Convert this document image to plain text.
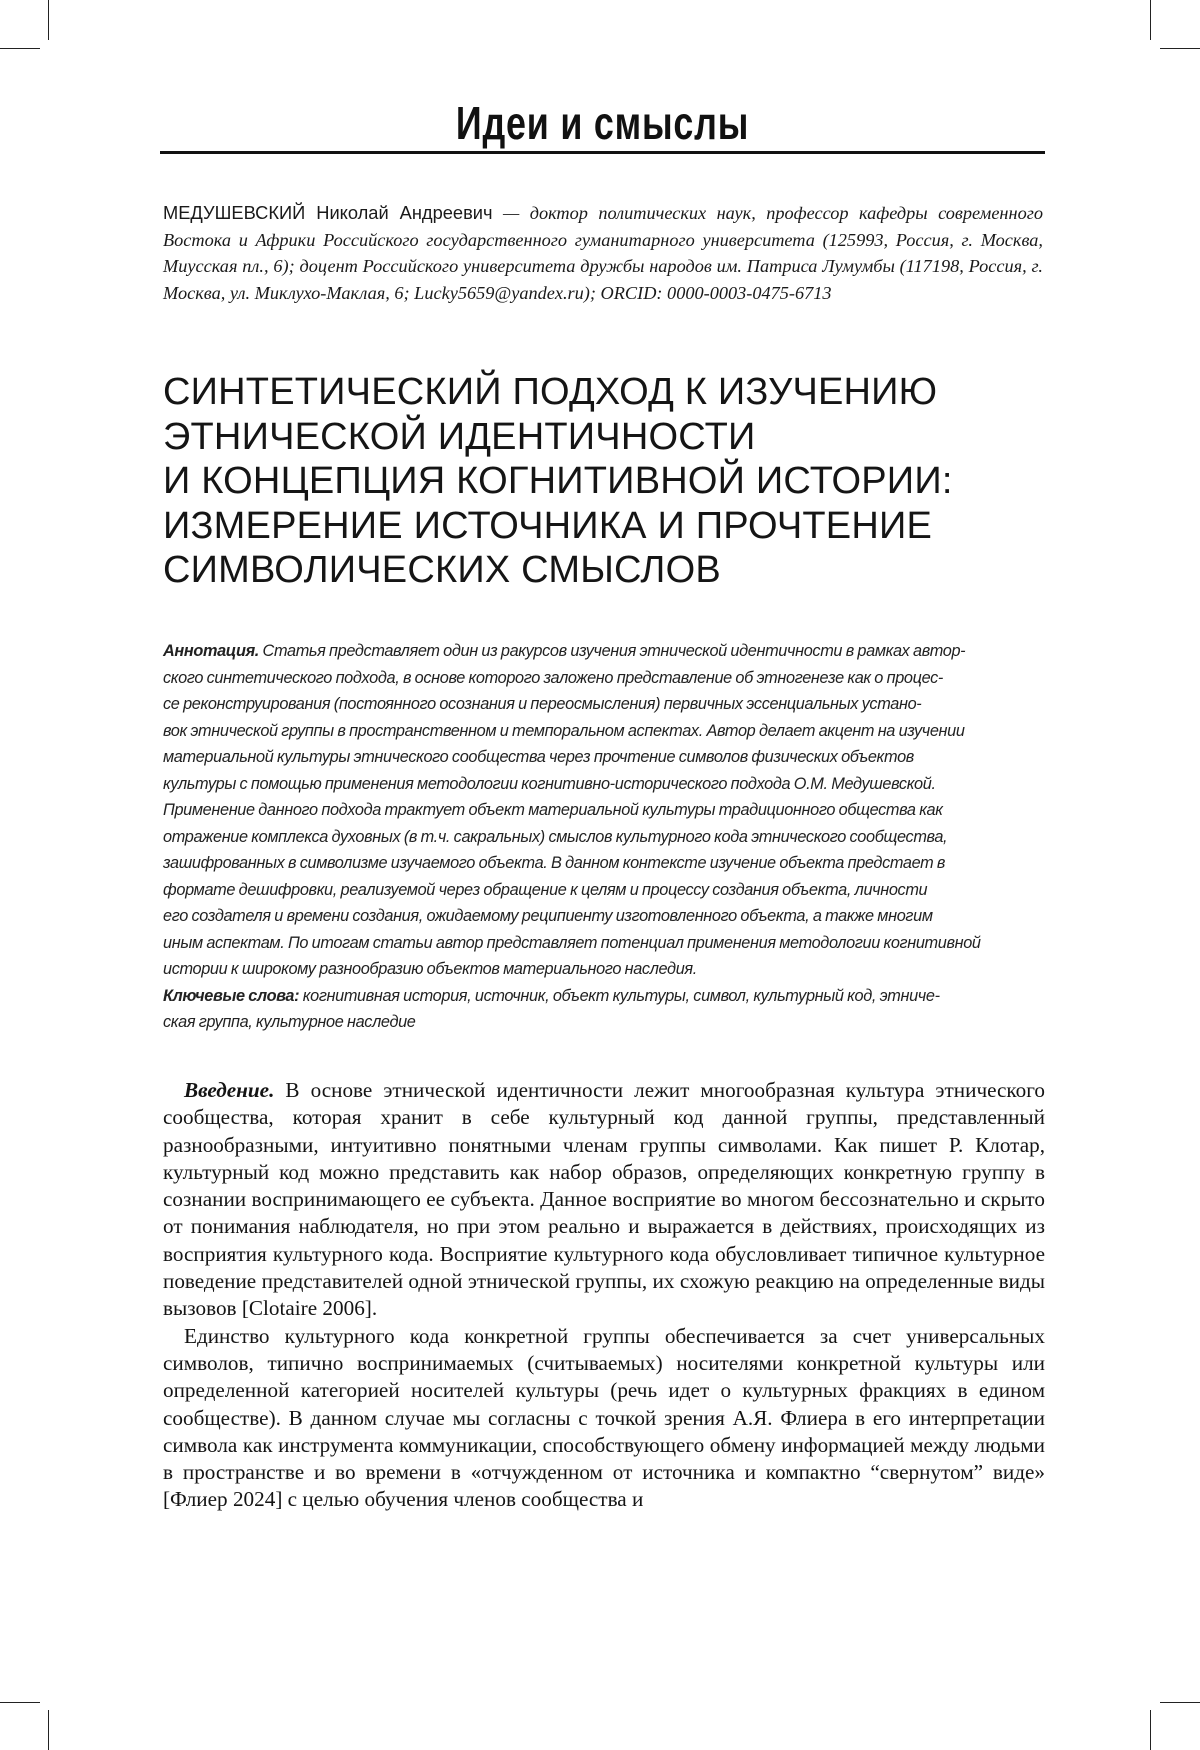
Идеи и смыслы
МЕДУШЕВСКИЙ Николай Андреевич — доктор политических наук, профессор кафедры современного Востока и Африки Российского государственного гуманитарного университета (125993, Россия, г. Москва, Миусская пл., 6); доцент Российского университета дружбы народов им. Патриса Лумумбы (117198, Россия, г. Москва, ул. Миклухо-Маклая, 6; Lucky5659@yandex.ru); ORCID: 0000-0003-0475-6713
СИНТЕТИЧЕСКИЙ ПОДХОД К ИЗУЧЕНИЮ
ЭТНИЧЕСКОЙ ИДЕНТИЧНОСТИ
И КОНЦЕПЦИЯ КОГНИТИВНОЙ ИСТОРИИ:
ИЗМЕРЕНИЕ ИСТОЧНИКА И ПРОЧТЕНИЕ
СИМВОЛИЧЕСКИХ СМЫСЛОВ
Аннотация. Статья представляет один из ракурсов изучения этнической идентичности в рамках автор-
ского синтетического подхода, в основе которого заложено представление об этногенезе как о процес-
се реконструирования (постоянного осознания и переосмысления) первичных эссенциальных устано-
вок этнической группы в пространственном и темпоральном аспектах. Автор делает акцент на изучении
материальной культуры этнического сообщества через прочтение символов физических объектов
культуры с помощью применения методологии когнитивно-исторического подхода О.М. Медушевской.
Применение данного подхода трактует объект материальной культуры традиционного общества как
отражение комплекса духовных (в т.ч. сакральных) смыслов культурного кода этнического сообщества,
зашифрованных в символизме изучаемого объекта. В данном контексте изучение объекта предстает в
формате дешифровки, реализуемой через обращение к целям и процессу создания объекта, личности
его создателя и времени создания, ожидаемому реципиенту изготовленного объекта, а также многим
иным аспектам. По итогам статьи автор представляет потенциал применения методологии когнитивной
истории к широкому разнообразию объектов материального наследия.
Ключевые слова: когнитивная история, источник, объект культуры, символ, культурный код, этниче-
ская группа, культурное наследие

Введение. В основе этнической идентичности лежит многообразная культура этнического сообщества, которая хранит в себе культурный код данной группы, представленный разнообразными, интуитивно понятными членам группы символами. Как пишет Р. Клотар, культурный код можно представить как набор образов, определяющих конкретную группу в сознании воспринимающего ее субъекта. Данное восприятие во многом бессознательно и скрыто от понимания наблюдателя, но при этом реально и выражается в действиях, происходящих из восприятия культурного кода. Восприятие культурного кода обусловливает типичное культурное поведение представителей одной этнической группы, их схожую реакцию на определенные виды вызовов [Clotaire 2006].

Единство культурного кода конкретной группы обеспечивается за счет универсальных символов, типично воспринимаемых (считываемых) носителями конкретной культуры или определенной категорией носителей культуры (речь идет о культурных фракциях в едином сообществе). В данном случае мы согласны с точкой зрения А.Я. Флиера в его интерпретации символа как инструмента коммуникации, способствующего обмену информацией между людьми в пространстве и во времени в «отчужденном от источника и компактно “свернутом” виде» [Флиер 2024] с целью обучения членов сообщества и
